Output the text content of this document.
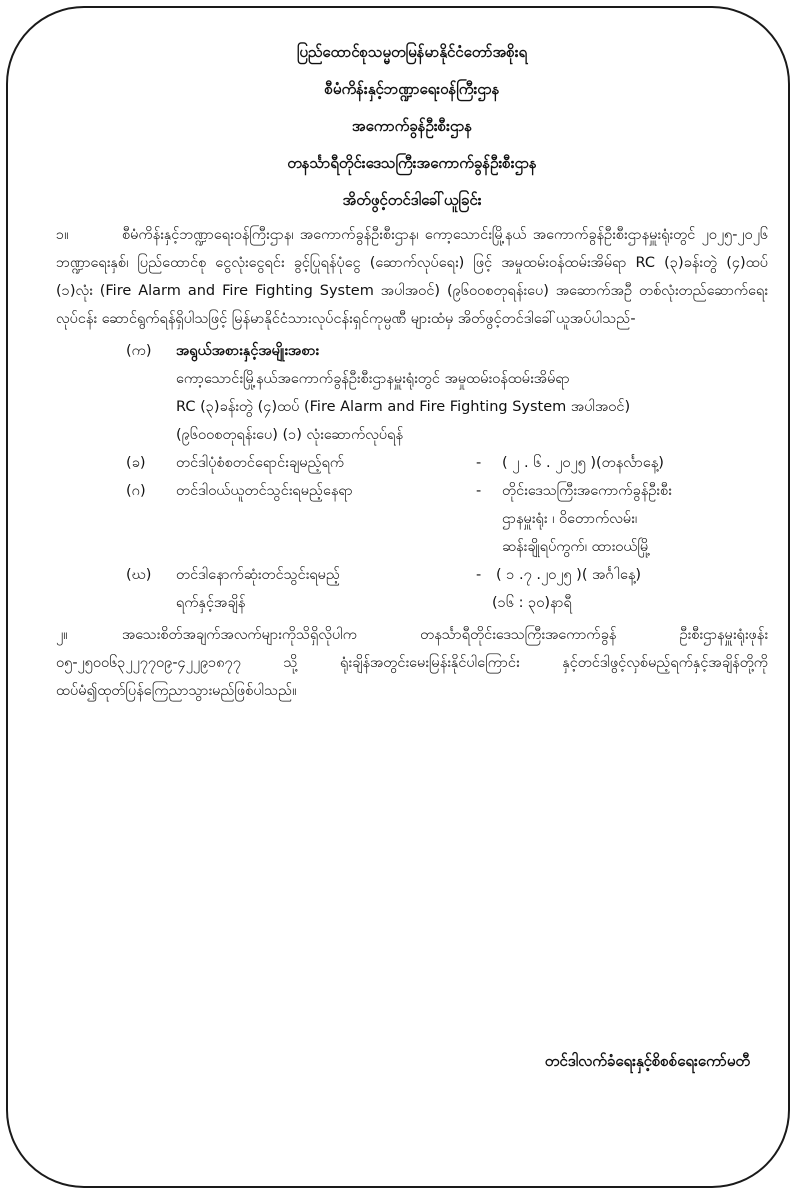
ပြည်ထောင်စုသမ္မတမြန်မာနိုင်ငံတော်အစိုးရ
စီမံကိန်းနှင့်ဘဏ္ဍာရေးဝန်ကြီးဌာန
အကောက်ခွန်ဦးစီးဌာန
တနင်္သာရီတိုင်းဒေသကြီးအကောက်ခွန်ဦးစီးဌာန
အိတ်ဖွင့်တင်ဒါခေါ်ယူခြင်း

၁။	စီမံကိန်းနှင့်ဘဏ္ဍာရေးဝန်ကြီးဌာန၊ အကောက်ခွန်ဦးစီးဌာန၊ ကော့သောင်းမြို့နယ် အကောက်ခွန်ဦးစီးဌာနမှူးရုံးတွင် ၂၀၂၅-၂၀၂၆ ဘဏ္ဍာရေးနှစ်၊ ပြည်ထောင်စု ငွေလုံးငွေရင်း ခွင့်ပြုရန်ပုံငွေ (ဆောက်လုပ်ရေး) ဖြင့် အမှုထမ်းဝန်ထမ်းအိမ်ရာ RC (၃)ခန်းတွဲ (၄)ထပ် (၁)လုံး (Fire Alarm and Fire Fighting System အပါအဝင်) (၉၆၀၀စတုရန်းပေ) အဆောက်အဦ တစ်လုံးတည်ဆောက်ရေးလုပ်ငန်း ဆောင်ရွက်ရန်ရှိပါသဖြင့် မြန်မာနိုင်ငံသားလုပ်ငန်းရှင်ကုမ္ပဏီ များထံမှ အိတ်ဖွင့်တင်ဒါခေါ်ယူအပ်ပါသည်-

(က) အရွယ်အစားနှင့်အမျိုးအစား
ကော့သောင်းမြို့နယ်အကောက်ခွန်ဦးစီးဌာနမှူးရုံးတွင် အမှုထမ်းဝန်ထမ်းအိမ်ရာ
RC (၃)ခန်းတွဲ (၄)ထပ် (Fire Alarm and Fire Fighting System အပါအဝင်)
(၉၆၀၀စတုရန်းပေ) (၁) လုံးဆောက်လုပ်ရန်
(ခ) တင်ဒါပုံစံစတင်ရောင်းချမည့်ရက်	- ( ၂ . ၆ . ၂၀၂၅ )(တနင်္လာနေ့)
(ဂ) တင်ဒါဝယ်ယူတင်သွင်းရမည့်နေရာ	- တိုင်းဒေသကြီးအကောက်ခွန်ဦးစီး
ဌာနမှူးရုံး ၊ ဝိတောက်လမ်း၊
ဆန်းချိုရပ်ကွက်၊ ထားဝယ်မြို့
(ဃ) တင်ဒါနောက်ဆုံးတင်သွင်းရမည့်	- ( ၁ .၇ .၂၀၂၅ )( အင်္ဂါနေ့)
ရက်နှင့်အချိန်	(၁၆ : ၃၀)နာရီ

၂။	အသေးစိတ်အချက်အလက်များကိုသိရှိလိုပါက တနင်္သာရီတိုင်းဒေသကြီးအကောက်ခွန် ဦးစီးဌာနမှူးရုံးဖုန်း ၀၅-၂၅၀၀၆၃၂၂၇၇၀၉-၄၂၂၉၁၈၇၇ သို့ ရုံးချိန်အတွင်းမေးမြန်းနိုင်ပါကြောင်း နှင့်တင်ဒါဖွင့်လှစ်မည့်ရက်နှင့်အချိန်တို့ကိုထပ်မံ၍ထုတ်ပြန်ကြေညာသွားမည်ဖြစ်ပါသည်။

တင်ဒါလက်ခံရေးနှင့်စိစစ်ရေးကော်မတီ
